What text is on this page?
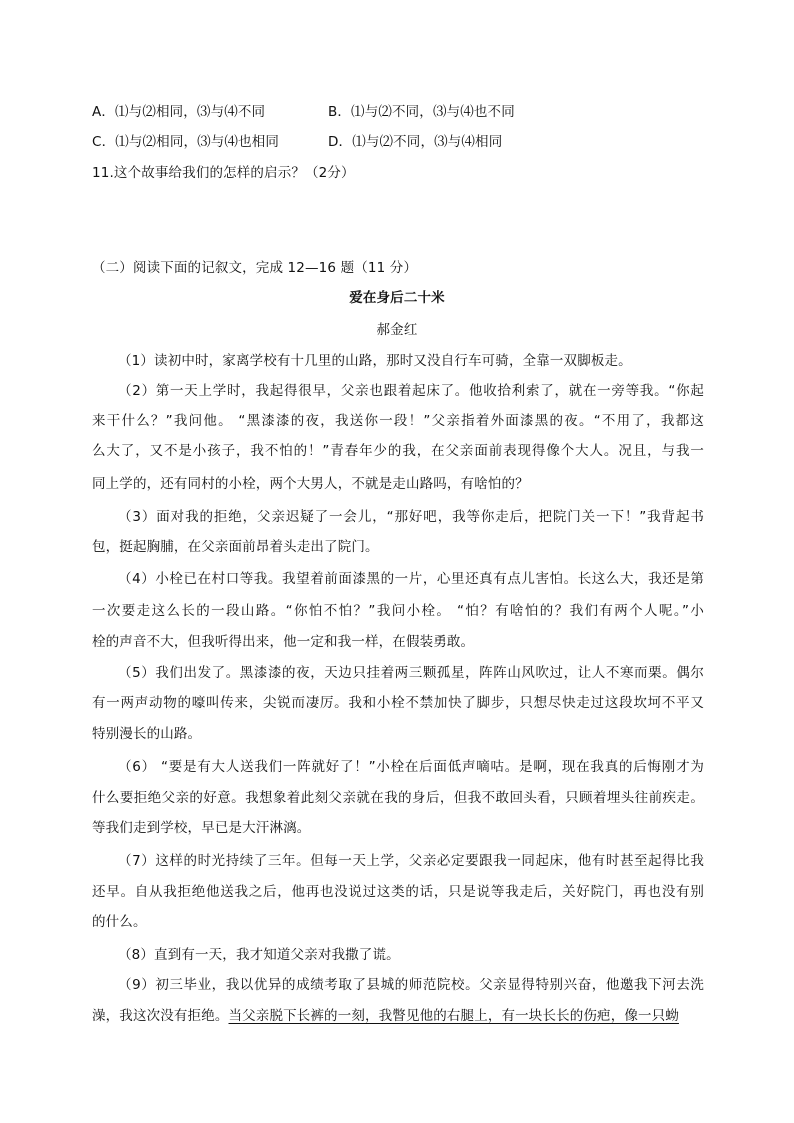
A．⑴与⑵相同，⑶与⑷不同	B．⑴与⑵不同，⑶与⑷也不同
C．⑴与⑵相同，⑶与⑷也相同	D．⑴与⑵不同，⑶与⑷相同
11.这个故事给我们的怎样的启示？（2分）
（二）阅读下面的记叙文，完成 12—16 题（11 分）
爱在身后二十米
郝金红
（1）读初中时，家离学校有十几里的山路，那时又没自行车可骑，全靠一双脚板走。
（2）第一天上学时，我起得很早，父亲也跟着起床了。他收拾利索了，就在一旁等我。“你起
来干什么？”我问他。 “黑漆漆的夜，我送你一段！”父亲指着外面漆黑的夜。“不用了，我都这
么大了，又不是小孩子，我不怕的！”青春年少的我，在父亲面前表现得像个大人。况且，与我一
同上学的，还有同村的小栓，两个大男人，不就是走山路吗，有啥怕的？
（3）面对我的拒绝，父亲迟疑了一会儿，“那好吧，我等你走后，把院门关一下！”我背起书
包，挺起胸脯，在父亲面前昂着头走出了院门。
（4）小栓已在村口等我。我望着前面漆黑的一片，心里还真有点儿害怕。长这么大，我还是第
一次要走这么长的一段山路。“你怕不怕？”我问小栓。 “怕？有啥怕的？我们有两个人呢。”小
栓的声音不大，但我听得出来，他一定和我一样，在假装勇敢。
（5）我们出发了。黑漆漆的夜，天边只挂着两三颗孤星，阵阵山风吹过，让人不寒而栗。偶尔
有一两声动物的嚎叫传来，尖锐而凄厉。我和小栓不禁加快了脚步，只想尽快走过这段坎坷不平又
特别漫长的山路。
（6） “要是有大人送我们一阵就好了！”小栓在后面低声嘀咕。是啊，现在我真的后悔刚才为
什么要拒绝父亲的好意。我想象着此刻父亲就在我的身后，但我不敢回头看，只顾着埋头往前疾走。
等我们走到学校，早已是大汗淋漓。
（7）这样的时光持续了三年。但每一天上学，父亲必定要跟我一同起床，他有时甚至起得比我
还早。自从我拒绝他送我之后，他再也没说过这类的话，只是说等我走后，关好院门，再也没有别
的什么。
（8）直到有一天，我才知道父亲对我撒了谎。
（9）初三毕业，我以优异的成绩考取了县城的师范院校。父亲显得特别兴奋，他邀我下河去洗
澡，我这次没有拒绝。当父亲脱下长裤的一刻，我瞥见他的右腿上，有一块长长的伤疤，像一只蚴
